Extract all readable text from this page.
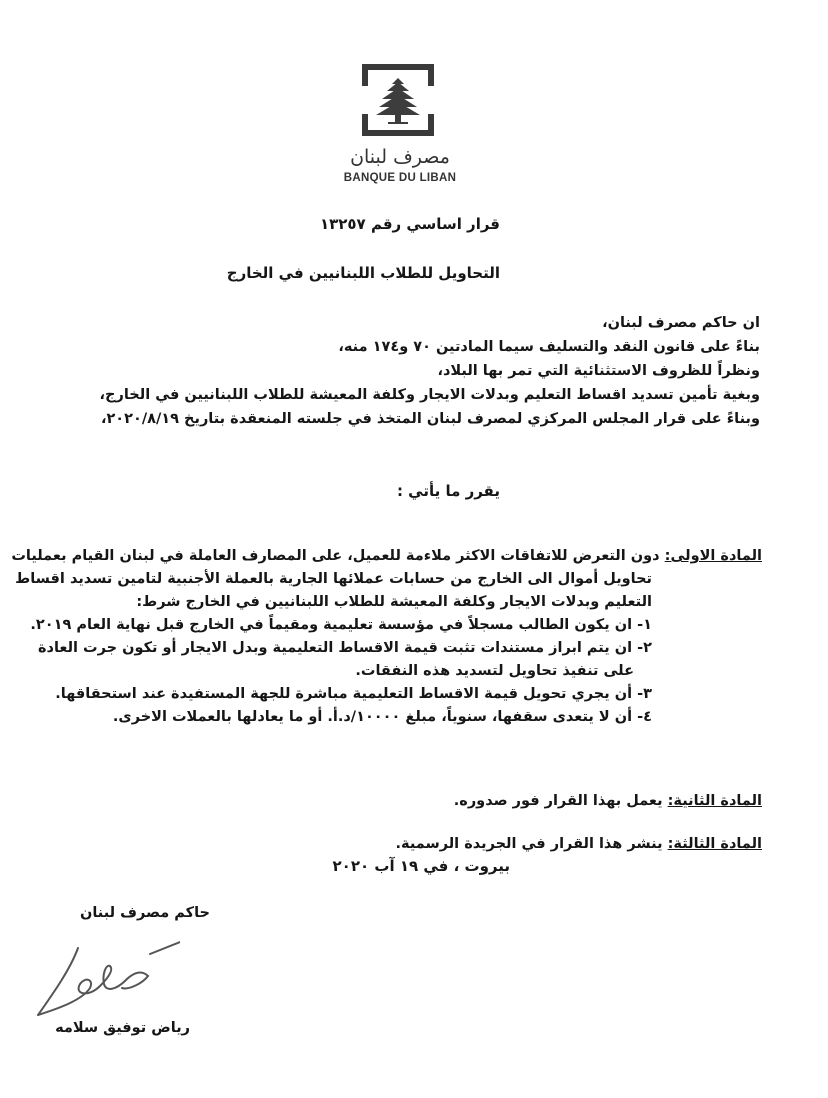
مصرف لبنان
BANQUE DU LIBAN
قرار اساسي رقم ١٣٢٥٧
التحاويل للطلاب اللبنانيين في الخارج
ان حاكم مصرف لبنان،
بناءً على قانون النقد والتسليف سيما المادتين ٧٠ و١٧٤ منه،
ونظراً للظروف الاستثنائية التي تمر بها البلاد،
وبغية تأمين تسديد اقساط التعليم وبدلات الايجار وكلفة المعيشة للطلاب اللبنانيين في الخارج،
وبناءً على قرار المجلس المركزي لمصرف لبنان المتخذ في جلسته المنعقدة بتاريخ ٢٠٢٠/٨/١٩،
يقرر ما يأتي :
المادة الاولى: دون التعرض للاتفاقات الاكثر ملاءمة للعميل، على المصارف العاملة في لبنان القيام بعمليات
تحاويل أموال الى الخارج من حسابات عملائها الجارية بالعملة الأجنبية لتامين تسديد اقساط
التعليم وبدلات الايجار وكلفة المعيشة للطلاب اللبنانيين في الخارج شرط:
١- ان يكون الطالب مسجلاً في مؤسسة تعليمية ومقيماً في الخارج قبل نهاية العام ٢٠١٩.
٢- ان يتم ابراز مستندات تثبت قيمة الاقساط التعليمية وبدل الايجار أو تكون جرت العادة
على تنفيذ تحاويل لتسديد هذه النفقات.
٣- أن يجري تحويل قيمة الاقساط التعليمية مباشرة للجهة المستفيدة عند استحقاقها.
٤- أن لا يتعدى سقفها، سنوياً، مبلغ ١٠٠٠٠/د.أ. أو ما يعادلها بالعملات الاخرى.
المادة الثانية: يعمل بهذا القرار فور صدوره.
المادة الثالثة: ينشر هذا القرار في الجريدة الرسمية.
بيروت ، في ١٩ آب ٢٠٢٠
حاكم مصرف لبنان
رياض توفيق سلامه
